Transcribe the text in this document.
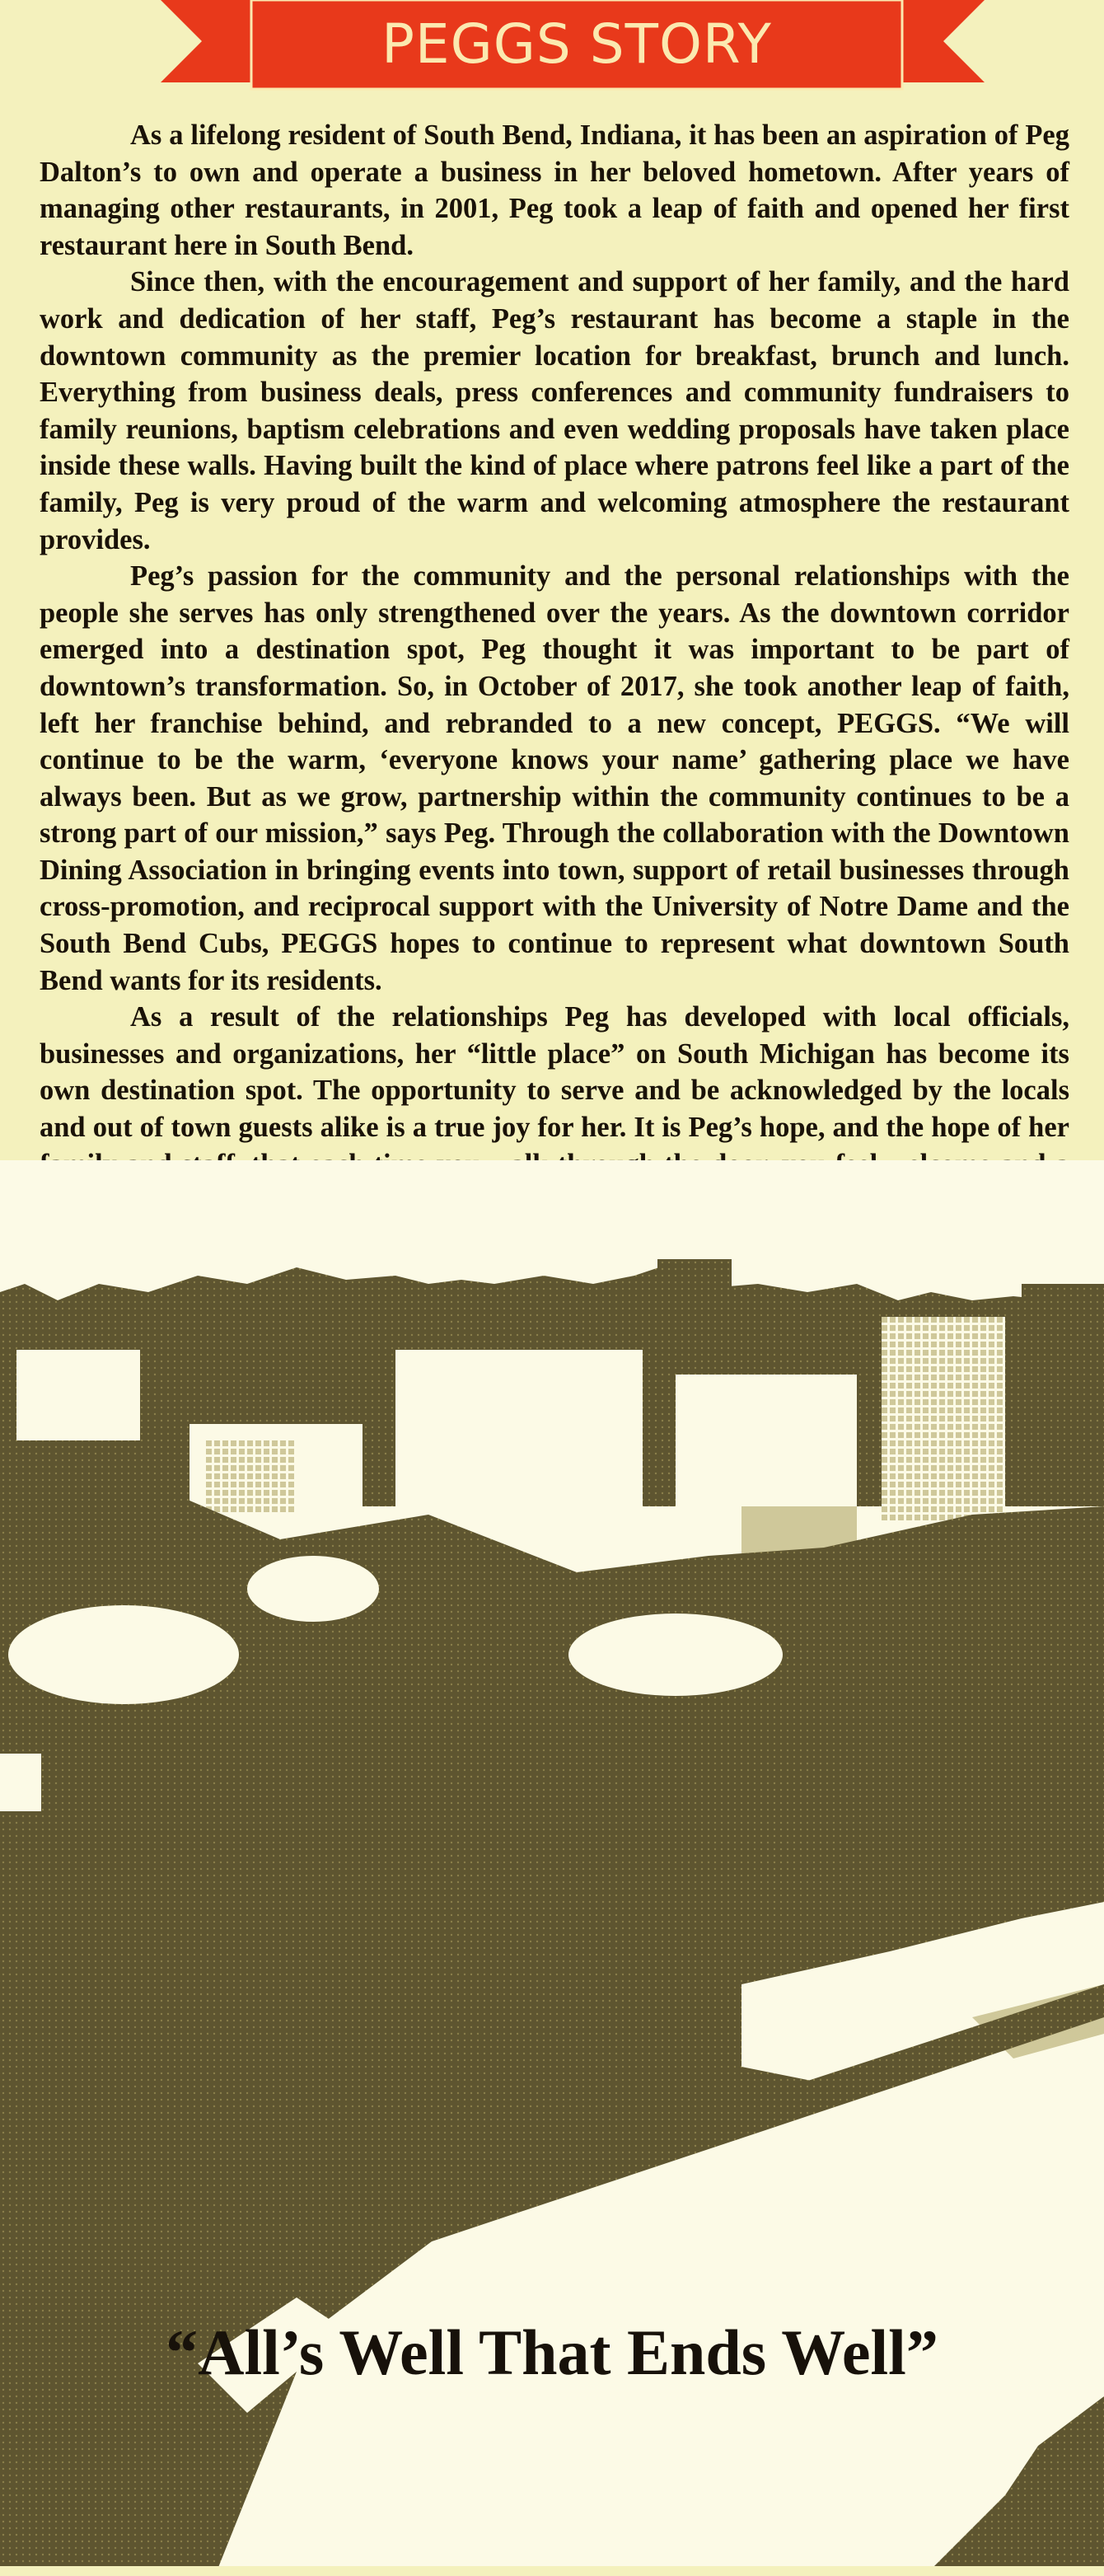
PEGGS STORY

As a lifelong resident of South Bend, Indiana, it has been an aspiration of Peg Dalton’s to own and operate a business in her beloved hometown. After years of managing other restaurants, in 2001, Peg took a leap of faith and opened her first restaurant here in South Bend.

Since then, with the encouragement and support of her family, and the hard work and dedication of her staff, Peg’s restaurant has become a staple in the downtown community as the premier location for breakfast, brunch and lunch. Everything from business deals, press conferences and community fundraisers to family reunions, baptism celebrations and even wedding proposals have taken place inside these walls. Having built the kind of place where patrons feel like a part of the family, Peg is very proud of the warm and welcoming atmosphere the restaurant provides.

Peg’s passion for the community and the personal relationships with the people she serves has only strengthened over the years. As the downtown corridor emerged into a destination spot, Peg thought it was important to be part of downtown’s transformation. So, in October of 2017, she took another leap of faith, left her franchise behind, and rebranded to a new concept, PEGGS. “We will continue to be the warm, ‘everyone knows your name’ gathering place we have always been. But as we grow, partnership within the community continues to be a strong part of our mission,” says Peg. Through the collaboration with the Downtown Dining Association in bringing events into town, support of retail businesses through cross-promotion, and reciprocal support with the University of Notre Dame and the South Bend Cubs, PEGGS hopes to continue to represent what downtown South Bend wants for its residents.

As a result of the relationships Peg has developed with local officials, businesses and organizations, her “little place” on South Michigan has become its own destination spot. The opportunity to serve and be acknowledged by the locals and out of town guests alike is a true joy for her. It is Peg’s hope, and the hope of her

“All’s Well That Ends Well”
